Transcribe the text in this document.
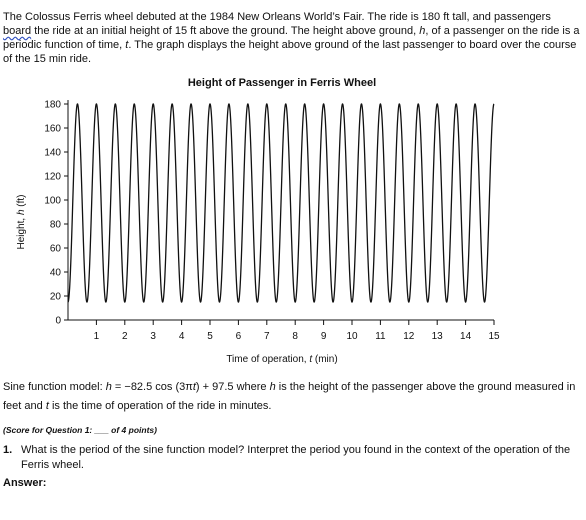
The Colossus Ferris wheel debuted at the 1984 New Orleans World’s Fair. The ride is 180 ft tall, and passengers board the ride at an initial height of 15 ft above the ground. The height above ground, h, of a passenger on the ride is a periodic function of time, t. The graph displays the height above ground of the last passenger to board over the course of the 15 min ride.

Height of Passenger in Ferris Wheel
0
20
40
60
80
100
120
140
160
180
1 2 3 4 5 6 7 8 9 10 11 12 13 14 15
Time of operation, t (min)
Height, h (ft)

Sine function model: h = −82.5 cos (3πt) + 97.5 where h is the height of the passenger above the ground measured in feet and t is the time of operation of the ride in minutes.

(Score for Question 1: ___ of 4 points)

1. What is the period of the sine function model? Interpret the period you found in the context of the operation of the Ferris wheel.

Answer:
